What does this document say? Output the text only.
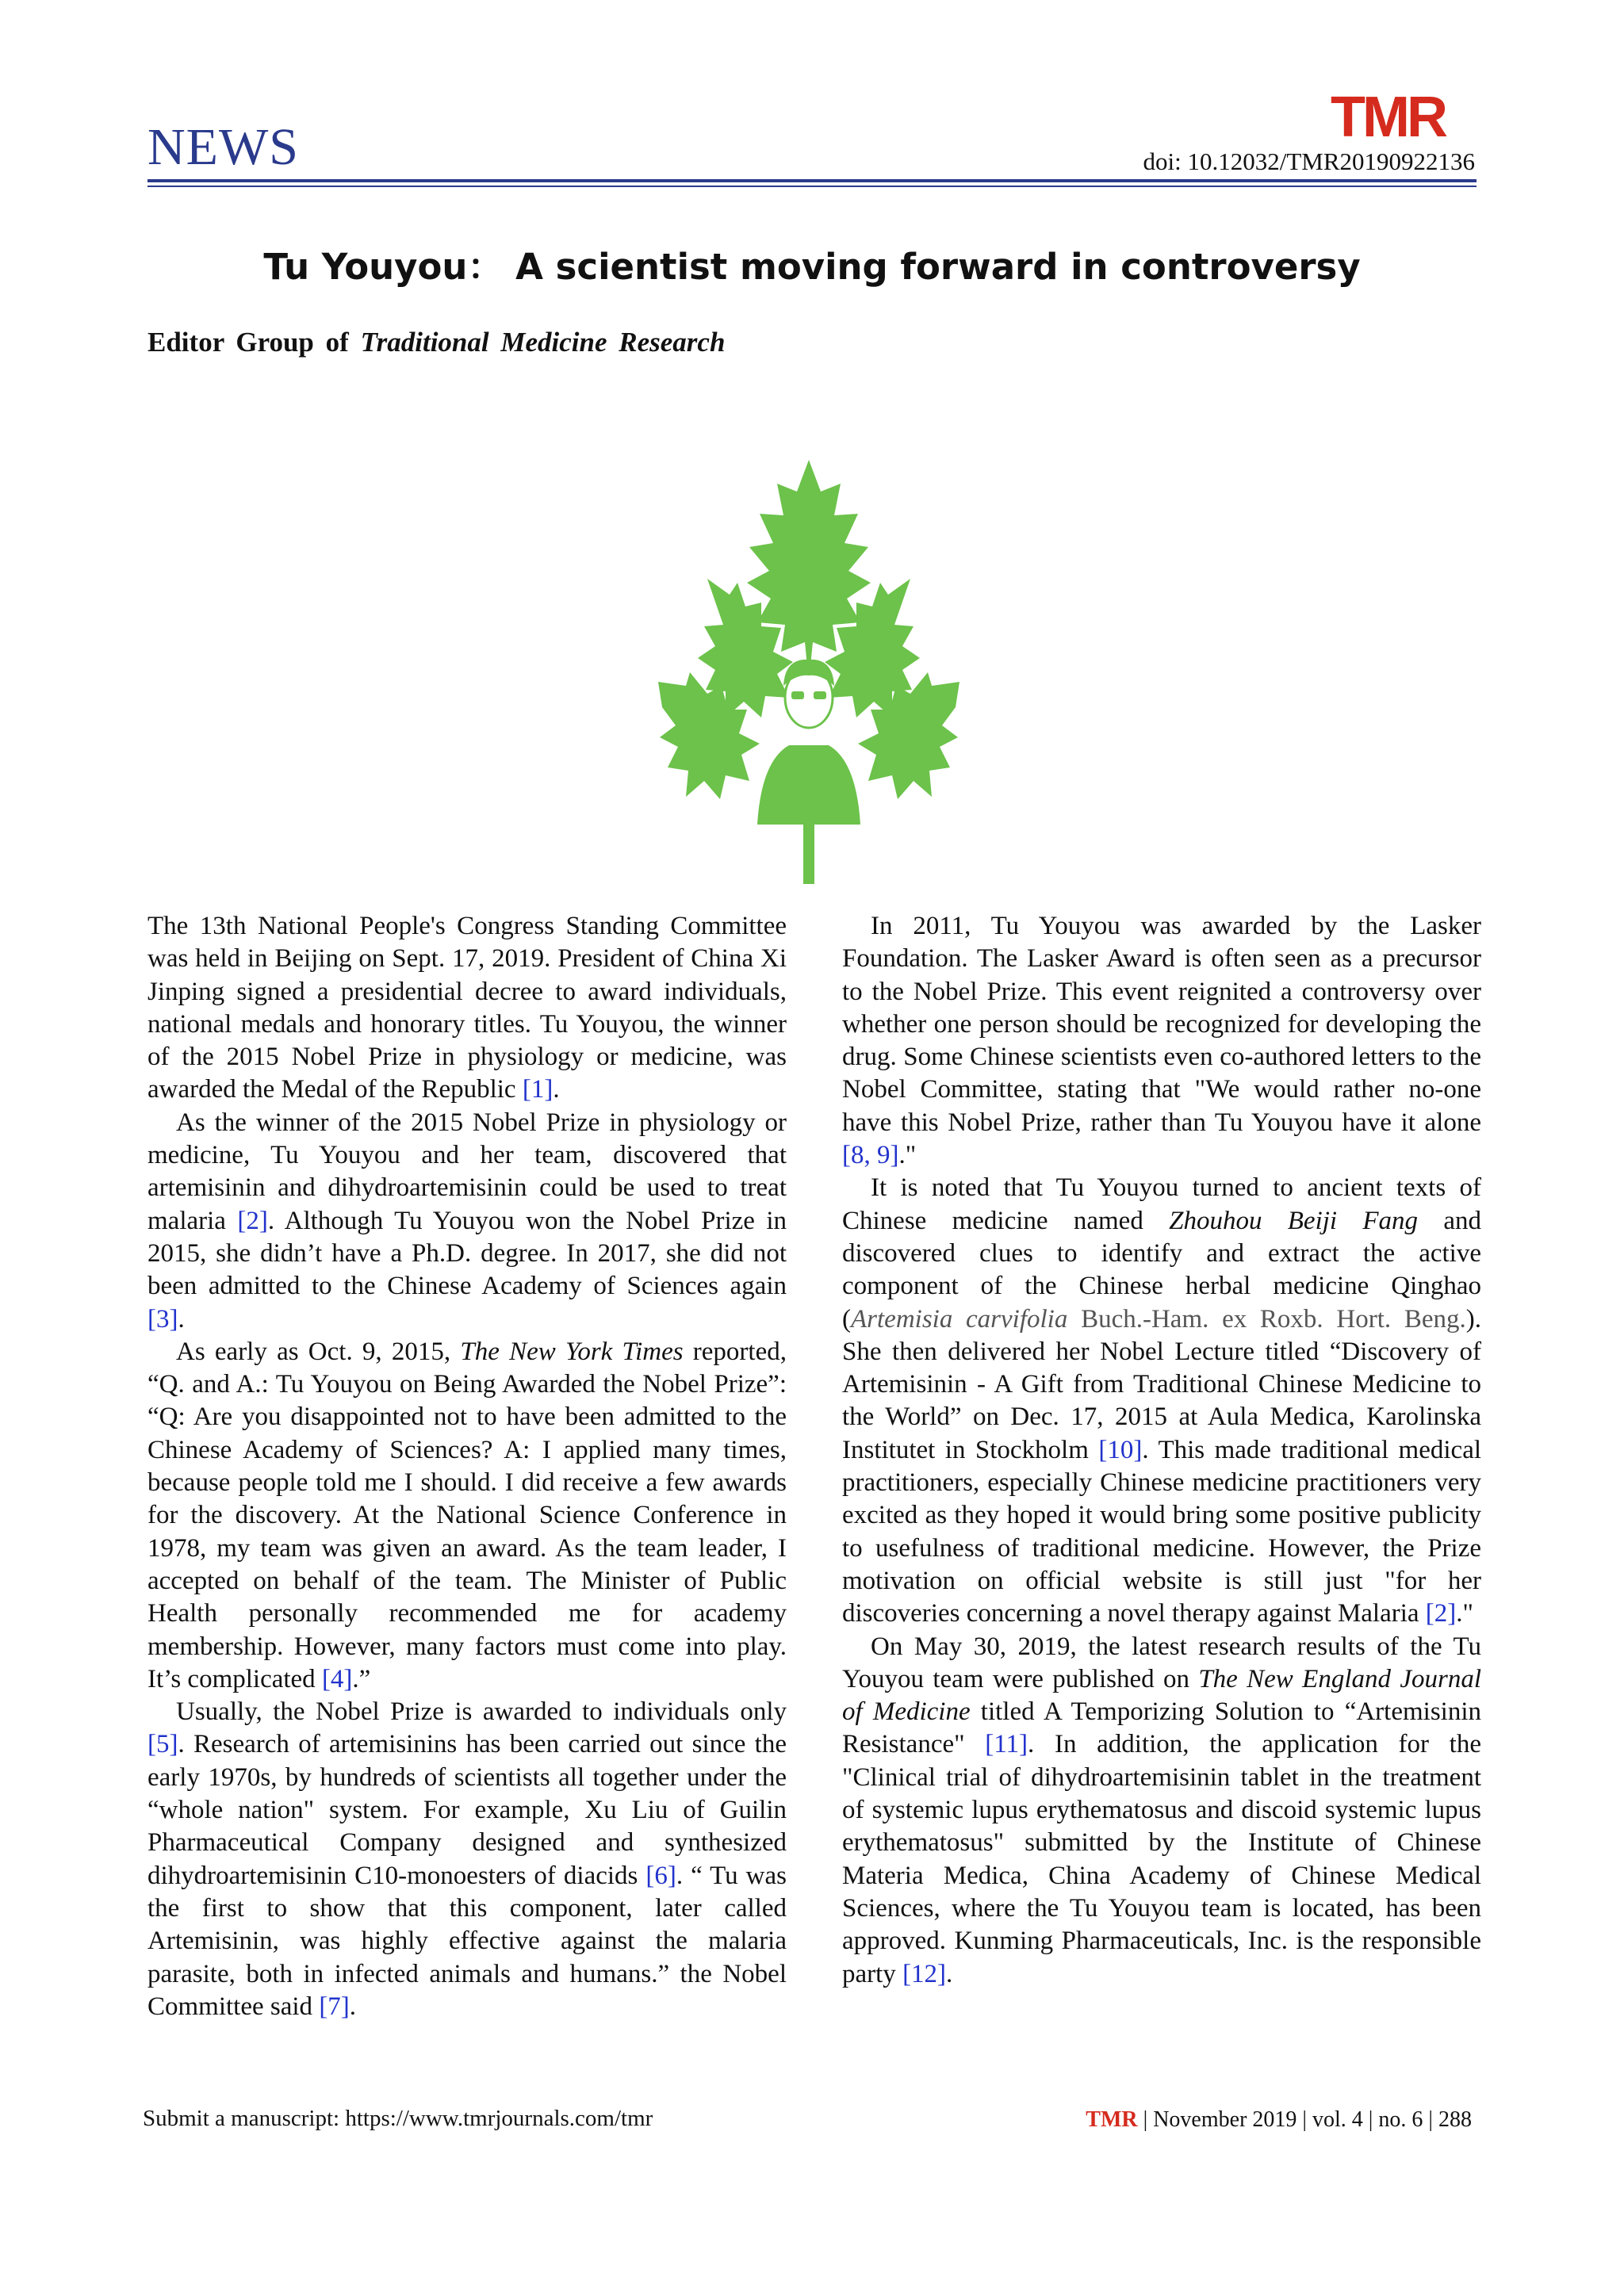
NEWS	TMR
doi: 10.12032/TMR20190922136
Tu Youyou： A scientist moving forward in controversy
Editor Group of Traditional Medicine Research

The 13th National People's Congress Standing Committee was held in Beijing on Sept. 17, 2019. President of China Xi Jinping signed a presidential decree to award individuals, national medals and honorary titles. Tu Youyou, the winner of the 2015 Nobel Prize in physiology or medicine, was awarded the Medal of the Republic [1].

As the winner of the 2015 Nobel Prize in physiology or medicine, Tu Youyou and her team, discovered that artemisinin and dihydroartemisinin could be used to treat malaria [2]. Although Tu Youyou won the Nobel Prize in 2015, she didn’t have a Ph.D. degree. In 2017, she did not been admitted to the Chinese Academy of Sciences again [3].

As early as Oct. 9, 2015, The New York Times reported, “Q. and A.: Tu Youyou on Being Awarded the Nobel Prize”: “Q: Are you disappointed not to have been admitted to the Chinese Academy of Sciences? A: I applied many times, because people told me I should. I did receive a few awards for the discovery. At the National Science Conference in 1978, my team was given an award. As the team leader, I accepted on behalf of the team. The Minister of Public Health personally recommended me for academy membership. However, many factors must come into play. It’s complicated [4].”

Usually, the Nobel Prize is awarded to individuals only [5]. Research of artemisinins has been carried out since the early 1970s, by hundreds of scientists all together under the “whole nation" system. For example, Xu Liu of Guilin Pharmaceutical Company designed and synthesized dihydroartemisinin C10-monoesters of diacids [6]. “ Tu was the first to show that this component, later called Artemisinin, was highly effective against the malaria parasite, both in infected animals and humans.” the Nobel Committee said [7].

In 2011, Tu Youyou was awarded by the Lasker Foundation. The Lasker Award is often seen as a precursor to the Nobel Prize. This event reignited a controversy over whether one person should be recognized for developing the drug. Some Chinese scientists even co-authored letters to the Nobel Committee, stating that "We would rather no-one have this Nobel Prize, rather than Tu Youyou have it alone [8, 9]."

It is noted that Tu Youyou turned to ancient texts of Chinese medicine named Zhouhou Beiji Fang and discovered clues to identify and extract the active component of the Chinese herbal medicine Qinghao (Artemisia carvifolia Buch.-Ham. ex Roxb. Hort. Beng.). She then delivered her Nobel Lecture titled “Discovery of Artemisinin - A Gift from Traditional Chinese Medicine to the World” on Dec. 17, 2015 at Aula Medica, Karolinska Institutet in Stockholm [10]. This made traditional medical practitioners, especially Chinese medicine practitioners very excited as they hoped it would bring some positive publicity to usefulness of traditional medicine. However, the Prize motivation on official website is still just "for her discoveries concerning a novel therapy against Malaria [2]."

On May 30, 2019, the latest research results of the Tu Youyou team were published on The New England Journal of Medicine titled A Temporizing Solution to “Artemisinin Resistance" [11]. In addition, the application for the "Clinical trial of dihydroartemisinin tablet in the treatment of systemic lupus erythematosus and discoid systemic lupus erythematosus" submitted by the Institute of Chinese Materia Medica, China Academy of Chinese Medical Sciences, where the Tu Youyou team is located, has been approved. Kunming Pharmaceuticals, Inc. is the responsible party [12].

Submit a manuscript: https://www.tmrjournals.com/tmr	TMR | November 2019 | vol. 4 | no. 6 | 288
